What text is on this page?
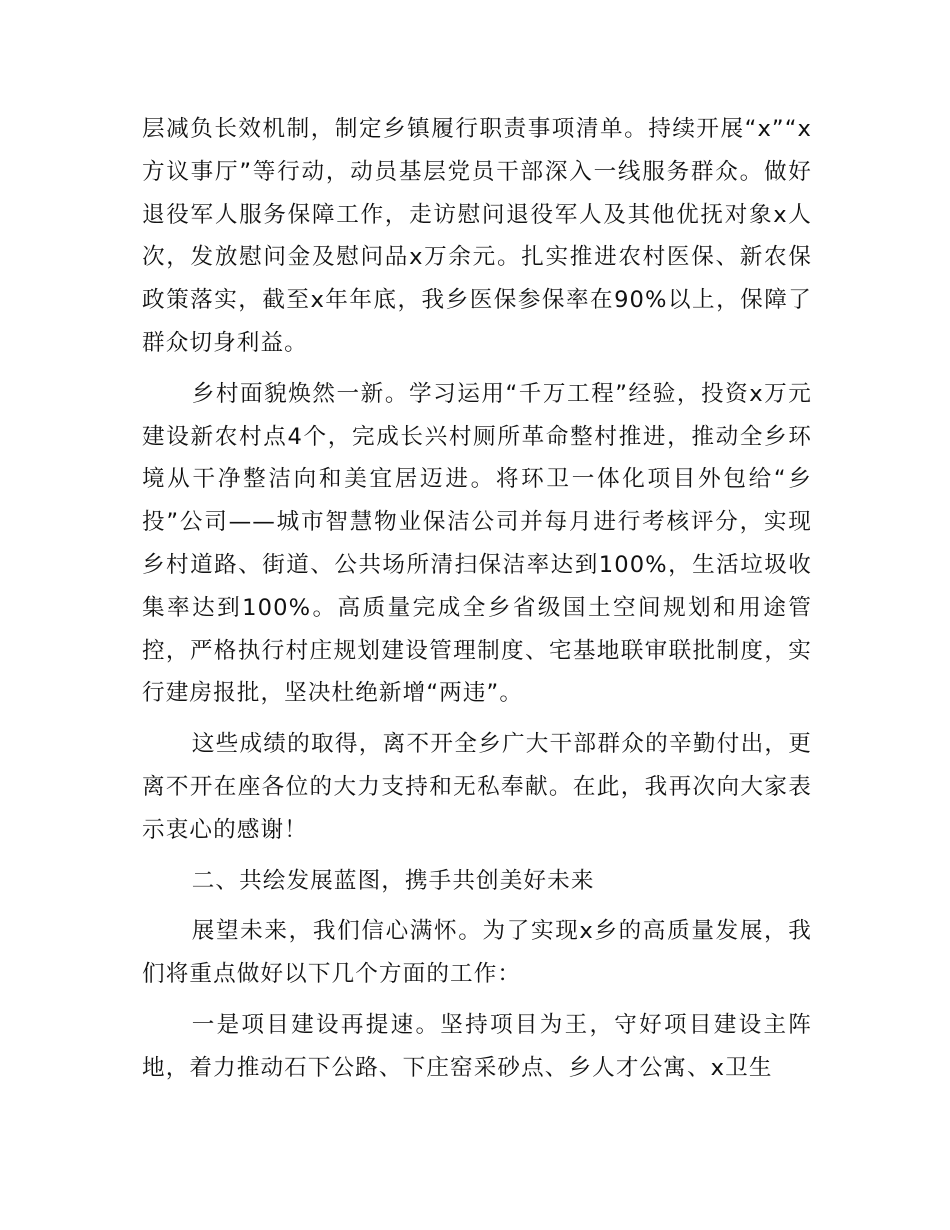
层减负长效机制，制定乡镇履行职责事项清单。持续开展“x”“x方议事厅”等行动，动员基层党员干部深入一线服务群众。做好退役军人服务保障工作，走访慰问退役军人及其他优抚对象x人次，发放慰问金及慰问品x万余元。扎实推进农村医保、新农保政策落实，截至x年年底，我乡医保参保率在90%以上，保障了群众切身利益。

乡村面貌焕然一新。学习运用“千万工程”经验，投资x万元建设新农村点4个，完成长兴村厕所革命整村推进，推动全乡环境从干净整洁向和美宜居迈进。将环卫一体化项目外包给“乡投”公司——城市智慧物业保洁公司并每月进行考核评分，实现乡村道路、街道、公共场所清扫保洁率达到100%，生活垃圾收集率达到100%。高质量完成全乡省级国土空间规划和用途管控，严格执行村庄规划建设管理制度、宅基地联审联批制度，实行建房报批，坚决杜绝新增“两违”。

这些成绩的取得，离不开全乡广大干部群众的辛勤付出，更离不开在座各位的大力支持和无私奉献。在此，我再次向大家表示衷心的感谢！

二、共绘发展蓝图，携手共创美好未来

展望未来，我们信心满怀。为了实现x乡的高质量发展，我们将重点做好以下几个方面的工作：

一是项目建设再提速。坚持项目为王，守好项目建设主阵地，着力推动石下公路、下庄窑采砂点、乡人才公寓、x卫生
